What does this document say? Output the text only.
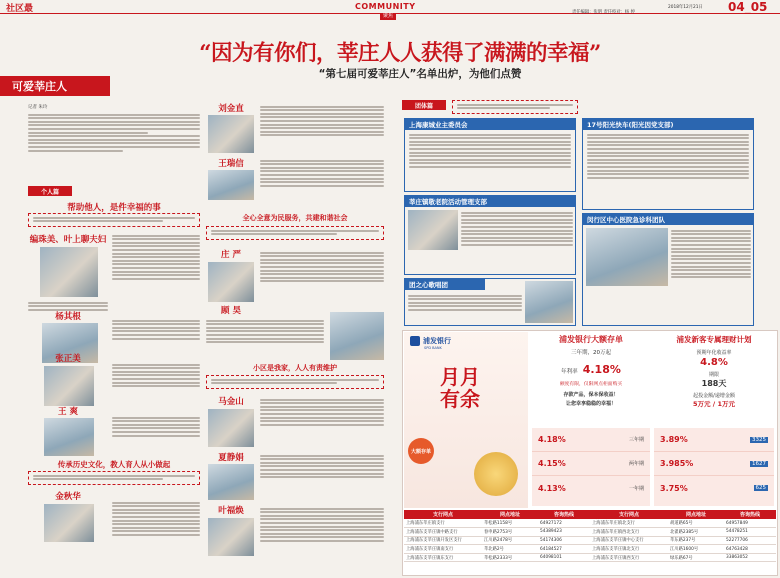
社区最	COMMUNITY
聚焦
2018年12月21日
责任编辑：张明 责任校对：杨 婷	04_05
“因为有你们，莘庄人人获得了满满的幸福”
“第七届可爱莘庄人”名单出炉，为他们点赞
可爱莘庄人
记者 朱玲
个人篇
帮助他人，是件幸福的事
编珠美、叶上聊夫妇
杨其根
张正美
王 爽
传承历史文化，教人育人从小做起
金秋华
刘金直
王瑞信
全心全意为民服务，共建和谐社会
庄 严
顾 昊
小区是我家，人人有责维护
马金山
夏静娟
叶福焕
团体篇
上海康城业主委员会
莘庄镇敬老院活动管理支部
团之心歌唱团
17号阳光快车(阳光因党支部)
闵行区中心医院急诊科团队
浦发银行
SPD BANK
月月有余
大额存单
浦发银行大额存单
三年期，20万起
年利率 4.18%
额度有限，仅限网点柜面购买
存款产品，保本保收益！
让您幸享稳稳的幸福！
浦发新客专属理财计划
预期年化收益率
4.8%
期限
188天
起投金额/递增金额
5万元 / 1万元
4.18%	三年期
4.15%	两年期
4.13%	一年期
3.89%	3325
3.985%	1627
3.75%	625
支行网点	网点地址	咨询热线	支行网点	网点地址	咨询热线
上海浦东莘庄镇支行	莘松路1158号	64927172	上海浦东莘庄镇北支行	胡道路65号	64957849
上海浦东支莘庄镇中路支行	春申路2753号	54389423	上海浦东莘庄镇西北支行	北翟路2385号	54478251
上海浦东支莘庄镇开发区支行	江川路2478号	54174306	上海浦东支莘庄镇中心支行	莘东路237号	52277706
上海浦东支莘庄镇南支行	莘北路2号	64184527	上海浦东支莘庄镇北支行	江川路1600号	64763428
上海浦东支莘庄镇东支行	莘松路2333号	64098101	上海浦东支莘庄镇西支行	绿乐路67号	33863052
